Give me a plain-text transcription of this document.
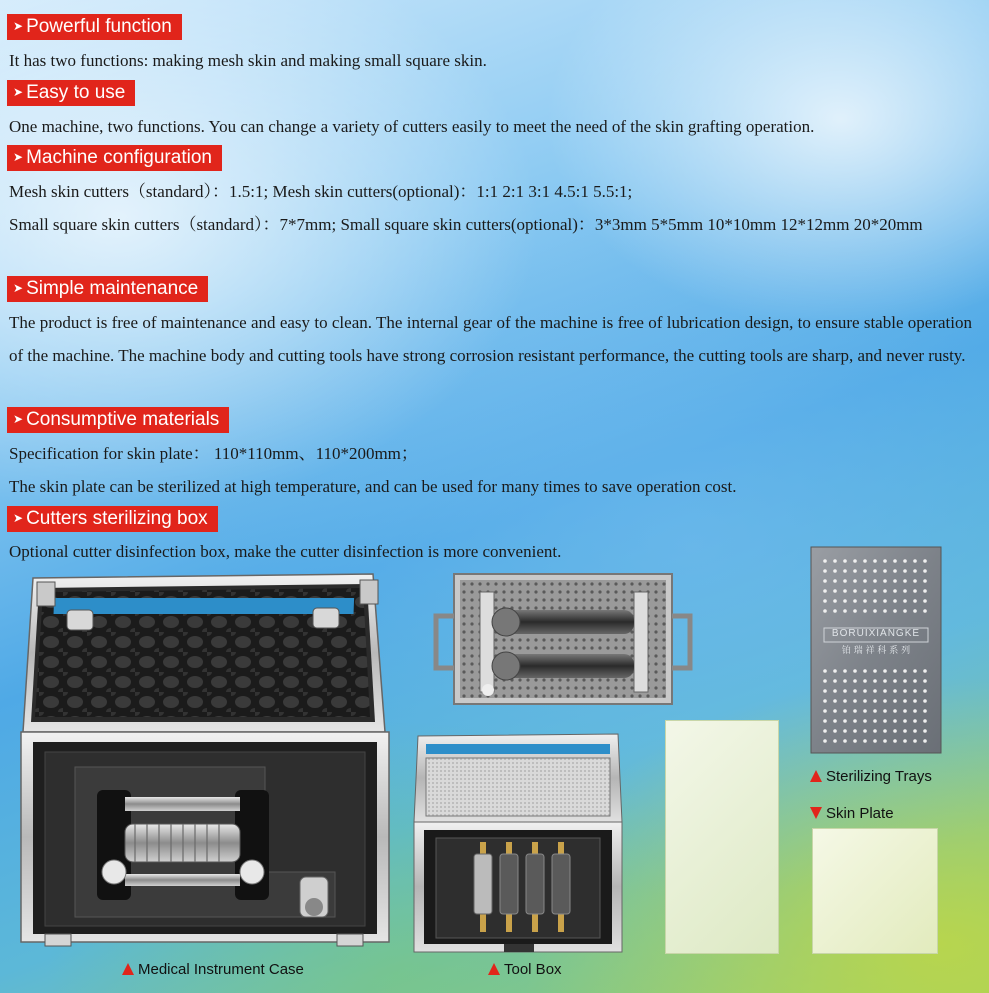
➤ Powerful function

It has two functions: making mesh skin and making small square skin.

➤ Easy to use

One machine, two functions. You can change a variety of cutters easily to meet the need of the skin grafting operation.

➤ Machine configuration

Mesh skin cutters（standard）：1.5:1; Mesh skin cutters(optional)：1:1 2:1 3:1 4.5:1 5.5:1;

Small square skin cutters（standard）：7*7mm; Small square skin cutters(optional)：3*3mm 5*5mm 10*10mm 12*12mm 20*20mm

➤ Simple maintenance

The product is free of maintenance and easy to clean. The internal gear of the machine is free of lubrication design, to ensure stable operation of the machine. The machine body and cutting tools have strong corrosion resistant performance, the cutting tools are sharp, and never rusty.

➤ Consumptive materials

Specification for skin plate： 110*110mm、110*200mm；

The skin plate can be sterilized at high temperature, and can be used for many times to save operation cost.

➤ Cutters sterilizing box

Optional cutter disinfection box, make the cutter disinfection is more convenient.

BORUIXIANGKE
铂 瑞 祥 科 系 列
Medical Instrument Case	Tool Box
Sterilizing Trays
Skin Plate
